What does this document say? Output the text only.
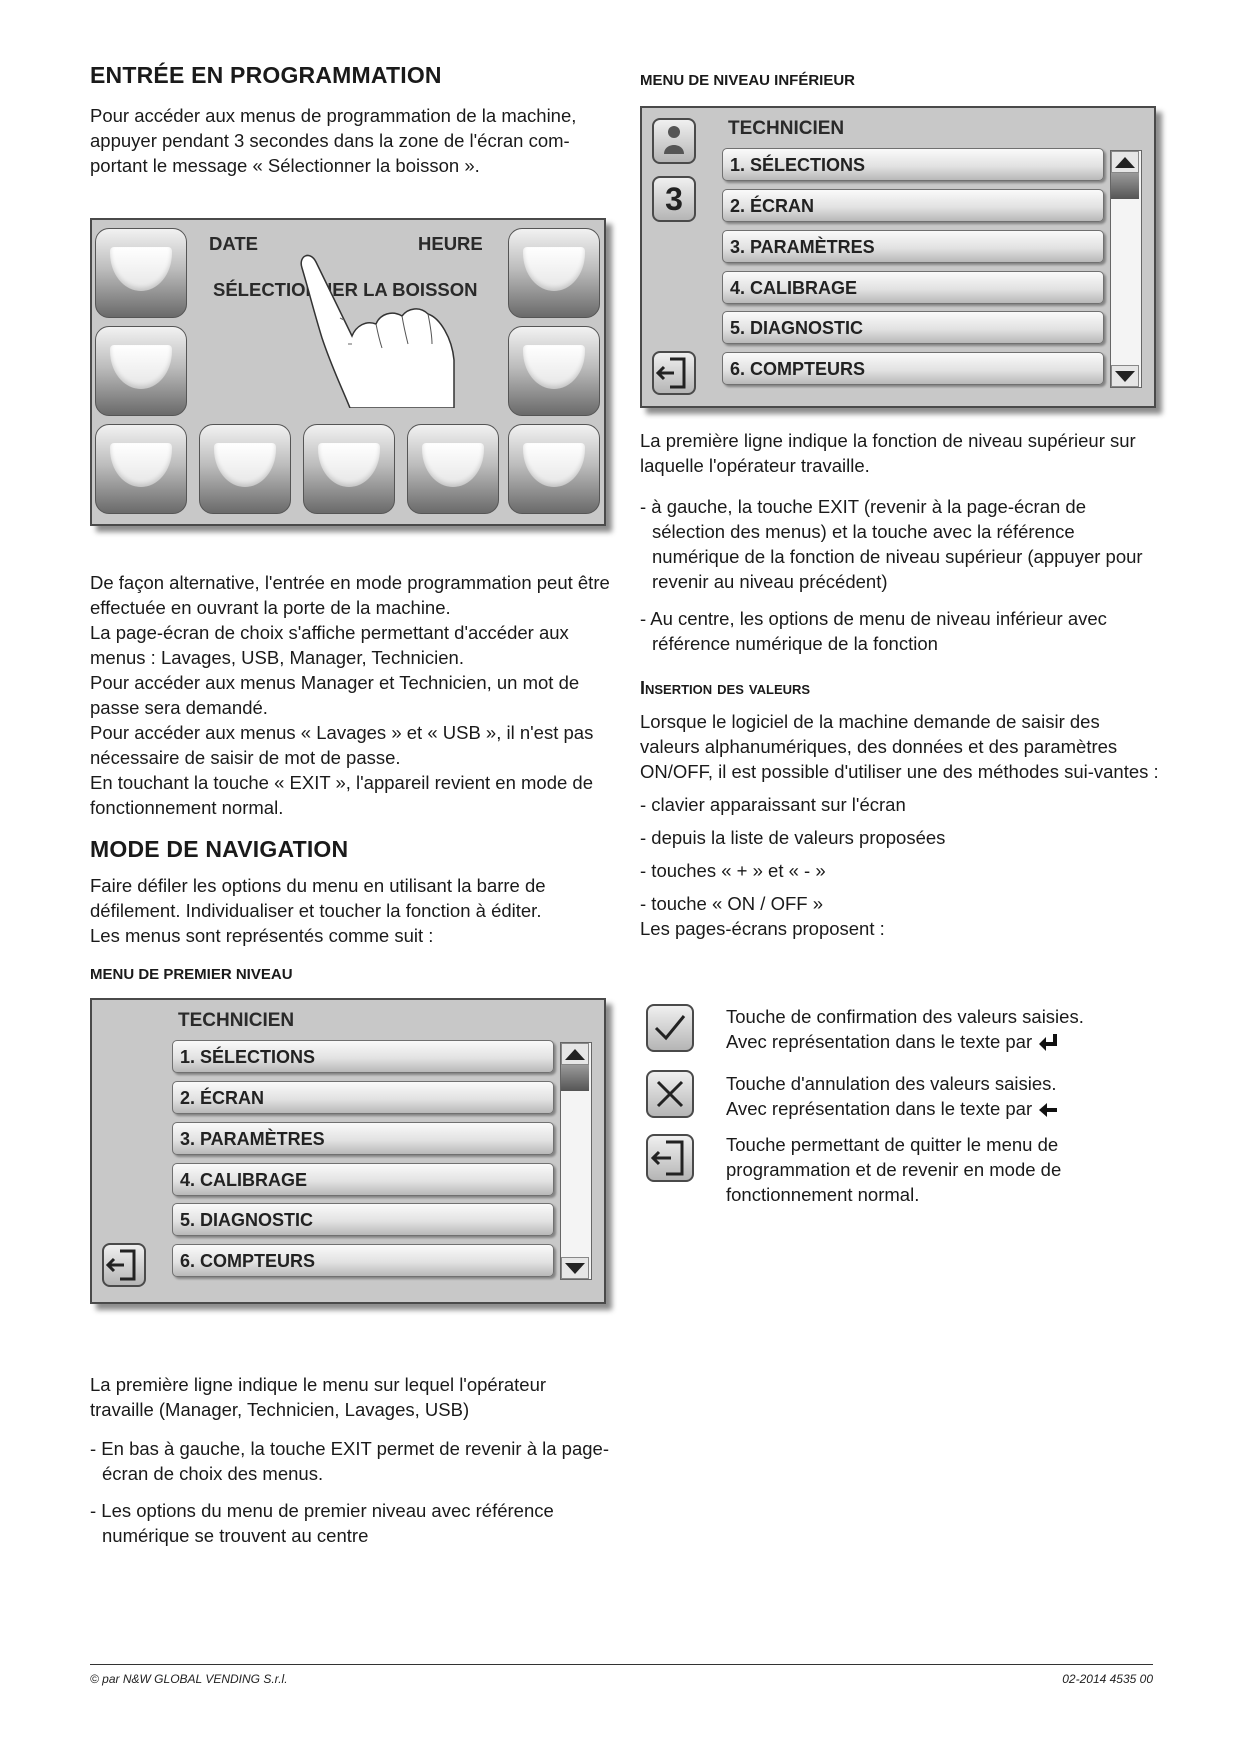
ENTRÉE EN PROGRAMMATION

Pour accéder aux menus de programmation de la machine, appuyer pendant 3 secondes dans la zone de l'écran com-portant le message « Sélectionner la boisson ».

DATE	HEURE
SÉLECTIONNER LA BOISSON

De façon alternative, l'entrée en mode programmation peut être effectuée en ouvrant la porte de la machine.

La page-écran de choix s'affiche permettant d'accéder aux menus : Lavages, USB, Manager, Technicien.

Pour accéder aux menus Manager et Technicien, un mot de passe sera demandé.

Pour accéder aux menus « Lavages » et « USB », il n'est pas nécessaire de saisir de mot de passe.

En touchant la touche « EXIT », l'appareil revient en mode de fonctionnement normal.

MODE DE NAVIGATION

Faire défiler les options du menu en utilisant la barre de défilement. Individualiser et toucher la fonction à éditer.

Les menus sont représentés comme suit :

MENU DE PREMIER NIVEAU
TECHNICIEN
1. SÉLECTIONS
2. ÉCRAN
3. PARAMÈTRES
4. CALIBRAGE
5. DIAGNOSTIC
6. COMPTEURS

La première ligne indique le menu sur lequel l'opérateur travaille (Manager, Technicien, Lavages, USB)

- En bas à gauche, la touche EXIT permet de revenir à la page-écran de choix des menus.

- Les options du menu de premier niveau avec référence numérique se trouvent au centre

MENU DE NIVEAU INFÉRIEUR
3
TECHNICIEN
1. SÉLECTIONS
2. ÉCRAN
3. PARAMÈTRES
4. CALIBRAGE
5. DIAGNOSTIC
6. COMPTEURS

La première ligne indique la fonction de niveau supérieur sur laquelle l'opérateur travaille.

- à gauche, la touche EXIT (revenir à la page-écran de sélection des menus) et la touche avec la référence numérique de la fonction de niveau supérieur (appuyer pour revenir au niveau précédent)

- Au centre, les options de menu de niveau inférieur avec référence numérique de la fonction

Insertion des valeurs

Lorsque le logiciel de la machine demande de saisir des valeurs alphanumériques, des données et des paramètres ON/OFF, il est possible d'utiliser une des méthodes sui-vantes :

- clavier apparaissant sur l'écran

- depuis la liste de valeurs proposées

- touches « + » et « - »

- touche « ON / OFF »

Les pages-écrans proposent :

Touche de confirmation des valeurs saisies.

Avec représentation dans le texte par

Touche d'annulation des valeurs saisies.

Avec représentation dans le texte par

Touche permettant de quitter le menu de

programmation et de revenir en mode de

fonctionnement normal.

© par N&W GLOBAL VENDING S.r.l.	02-2014 4535 00
